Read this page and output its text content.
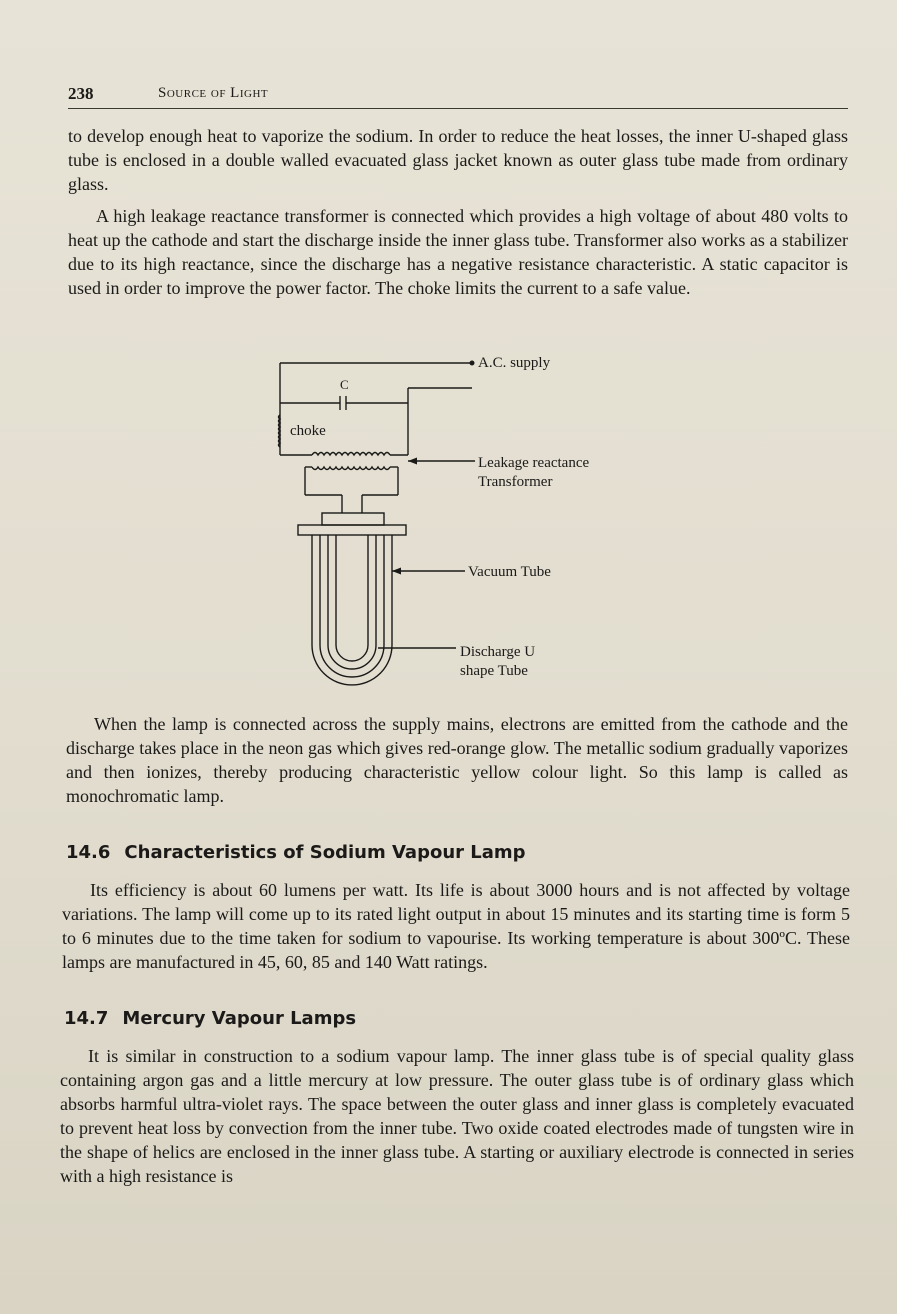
238	Source of Light

to develop enough heat to vaporize the sodium. In order to reduce the heat losses, the inner U-shaped glass tube is enclosed in a double walled evacuated glass jacket known as outer glass tube made from ordinary glass.

A high leakage reactance transformer is connected which provides a high voltage of about 480 volts to heat up the cathode and start the discharge inside the inner glass tube. Transformer also works as a stabilizer due to its high reactance, since the discharge has a negative resistance characteristic. A static capacitor is used in order to improve the power factor. The choke limits the current to a safe value.

A.C. supply
C
choke
Leakage reactance
Transformer
Vacuum Tube
Discharge U
shape Tube

When the lamp is connected across the supply mains, electrons are emitted from the cathode and the discharge takes place in the neon gas which gives red-orange glow. The metallic sodium gradually vaporizes and then ionizes, thereby producing characteristic yellow colour light. So this lamp is called as monochromatic lamp.

14.6 Characteristics of Sodium Vapour Lamp

Its efficiency is about 60 lumens per watt. Its life is about 3000 hours and is not affected by voltage variations. The lamp will come up to its rated light output in about 15 minutes and its starting time is form 5 to 6 minutes due to the time taken for sodium to vapourise. Its working temperature is about 300ºC. These lamps are manufactured in 45, 60, 85 and 140 Watt ratings.

14.7 Mercury Vapour Lamps

It is similar in construction to a sodium vapour lamp. The inner glass tube is of special quality glass containing argon gas and a little mercury at low pressure. The outer glass tube is of ordinary glass which absorbs harmful ultra-violet rays. The space between the outer glass and inner glass is completely evacuated to prevent heat loss by convection from the inner tube. Two oxide coated electrodes made of tungsten wire in the shape of helics are enclosed in the inner glass tube. A starting or auxiliary electrode is connected in series with a high resistance is
